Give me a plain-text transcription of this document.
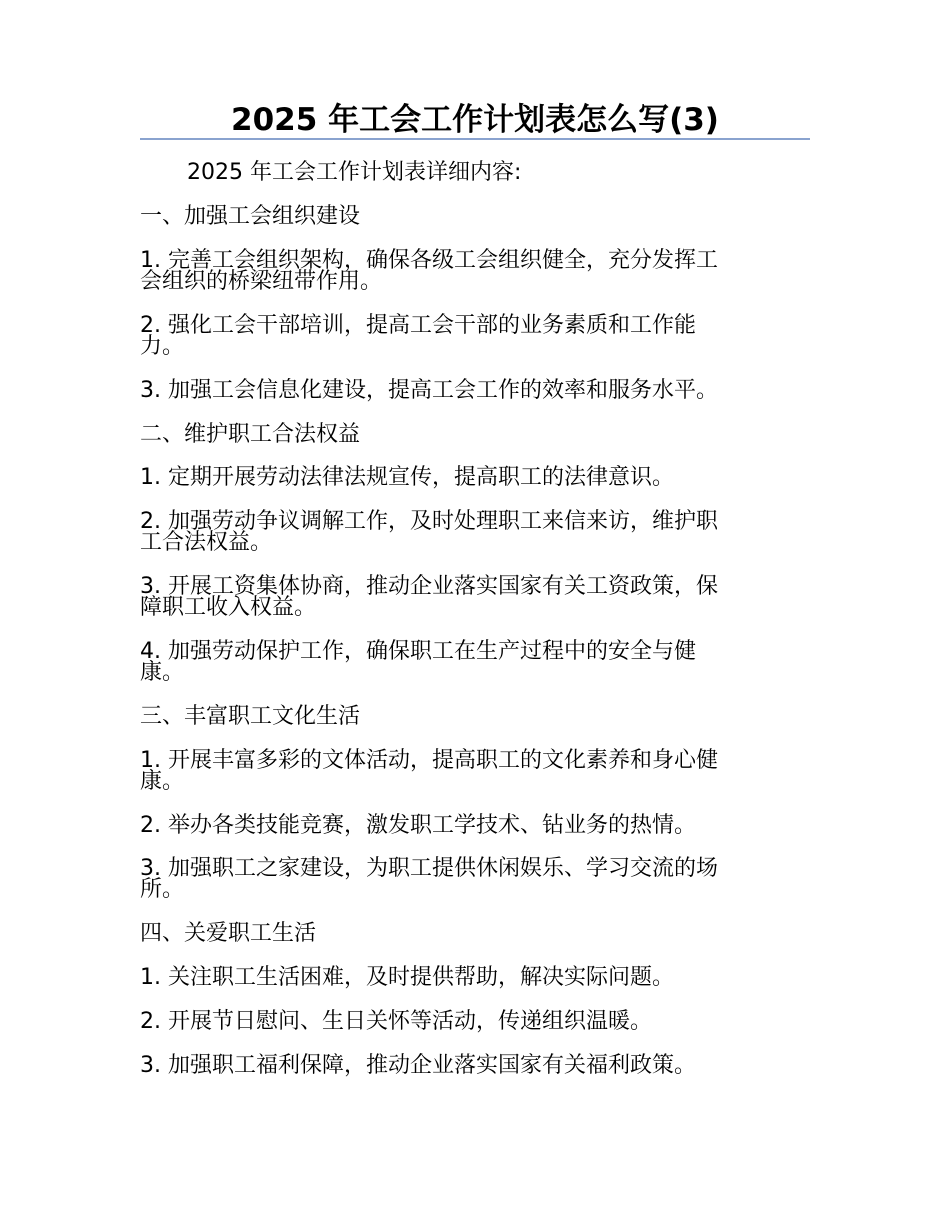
2025 年工会工作计划表怎么写(3)
2025 年工会工作计划表详细内容:
一、加强工会组织建设
1. 完善工会组织架构，确保各级工会组织健全，充分发挥工
会组织的桥梁纽带作用。
2. 强化工会干部培训，提高工会干部的业务素质和工作能
力。
3. 加强工会信息化建设，提高工会工作的效率和服务水平。
二、维护职工合法权益
1. 定期开展劳动法律法规宣传，提高职工的法律意识。
2. 加强劳动争议调解工作，及时处理职工来信来访，维护职
工合法权益。
3. 开展工资集体协商，推动企业落实国家有关工资政策，保
障职工收入权益。
4. 加强劳动保护工作，确保职工在生产过程中的安全与健
康。
三、丰富职工文化生活
1. 开展丰富多彩的文体活动，提高职工的文化素养和身心健
康。
2. 举办各类技能竞赛，激发职工学技术、钻业务的热情。
3. 加强职工之家建设，为职工提供休闲娱乐、学习交流的场
所。
四、关爱职工生活
1. 关注职工生活困难，及时提供帮助，解决实际问题。
2. 开展节日慰问、生日关怀等活动，传递组织温暖。
3. 加强职工福利保障，推动企业落实国家有关福利政策。
